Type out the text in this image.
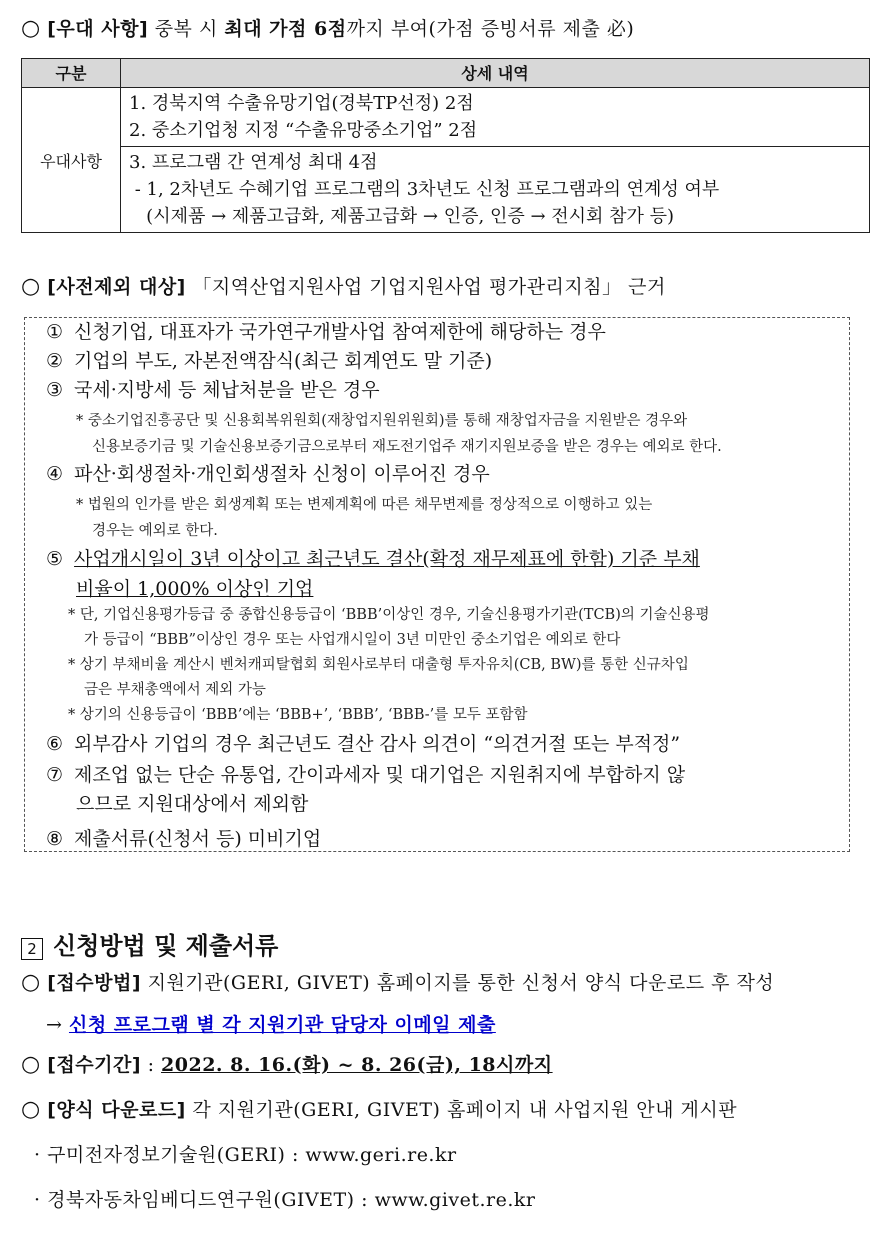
○ [우대 사항] 중복 시 최대 가점 6점까지 부여(가점 증빙서류 제출 必)
구분	상세 내역
우대사항	1. 경북지역 수출유망기업(경북TP선정) 2점
2. 중소기업청 지정 “수출유망중소기업” 2점

	3. 프로그램 간 연계성 최대 4점
- 1, 2차년도 수혜기업 프로그램의 3차년도 신청 프로그램과의 연계성 여부
(시제품 → 제품고급화, 제품고급화 → 인증, 인증 → 전시회 참가 등)
○ [사전제외 대상] 「지역산업지원사업 기업지원사업 평가관리지침」 근거
① 신청기업, 대표자가 국가연구개발사업 참여제한에 해당하는 경우
② 기업의 부도, 자본전액잠식(최근 회계연도 말 기준)
③ 국세·지방세 등 체납처분을 받은 경우
* 중소기업진흥공단 및 신용회복위원회(재창업지원위원회)를 통해 재창업자금을 지원받은 경우와
신용보증기금 및 기술신용보증기금으로부터 재도전기업주 재기지원보증을 받은 경우는 예외로 한다.
④ 파산·회생절차·개인회생절차 신청이 이루어진 경우
* 법원의 인가를 받은 회생계획 또는 변제계획에 따른 채무변제를 정상적으로 이행하고 있는
경우는 예외로 한다.
⑤ 사업개시일이 3년 이상이고 최근년도 결산(확정 재무제표에 한함) 기준 부채
비율이 1,000% 이상인 기업
* 단, 기업신용평가등급 중 종합신용등급이 ‘BBB’이상인 경우, 기술신용평가기관(TCB)의 기술신용평
가 등급이 “BBB”이상인 경우 또는 사업개시일이 3년 미만인 중소기업은 예외로 한다
* 상기 부채비율 계산시 벤처캐피탈협회 회원사로부터 대출형 투자유치(CB, BW)를 통한 신규차입
금은 부채총액에서 제외 가능
* 상기의 신용등급이 ‘BBB’에는 ‘BBB+’, ‘BBB’, ‘BBB-’를 모두 포함함
⑥ 외부감사 기업의 경우 최근년도 결산 감사 의견이 “의견거절 또는 부적정”
⑦ 제조업 없는 단순 유통업, 간이과세자 및 대기업은 지원취지에 부합하지 않
으므로 지원대상에서 제외함
⑧ 제출서류(신청서 등) 미비기업
2 신청방법 및 제출서류
○ [접수방법] 지원기관(GERI, GIVET) 홈페이지를 통한 신청서 양식 다운로드 후 작성
→ 신청 프로그램 별 각 지원기관 담당자 이메일 제출
○ [접수기간] : 2022. 8. 16.(화) ~ 8. 26(금), 18시까지
○ [양식 다운로드] 각 지원기관(GERI, GIVET) 홈페이지 내 사업지원 안내 게시판
· 구미전자정보기술원(GERI) : www.geri.re.kr
· 경북자동차임베디드연구원(GIVET) : www.givet.re.kr
